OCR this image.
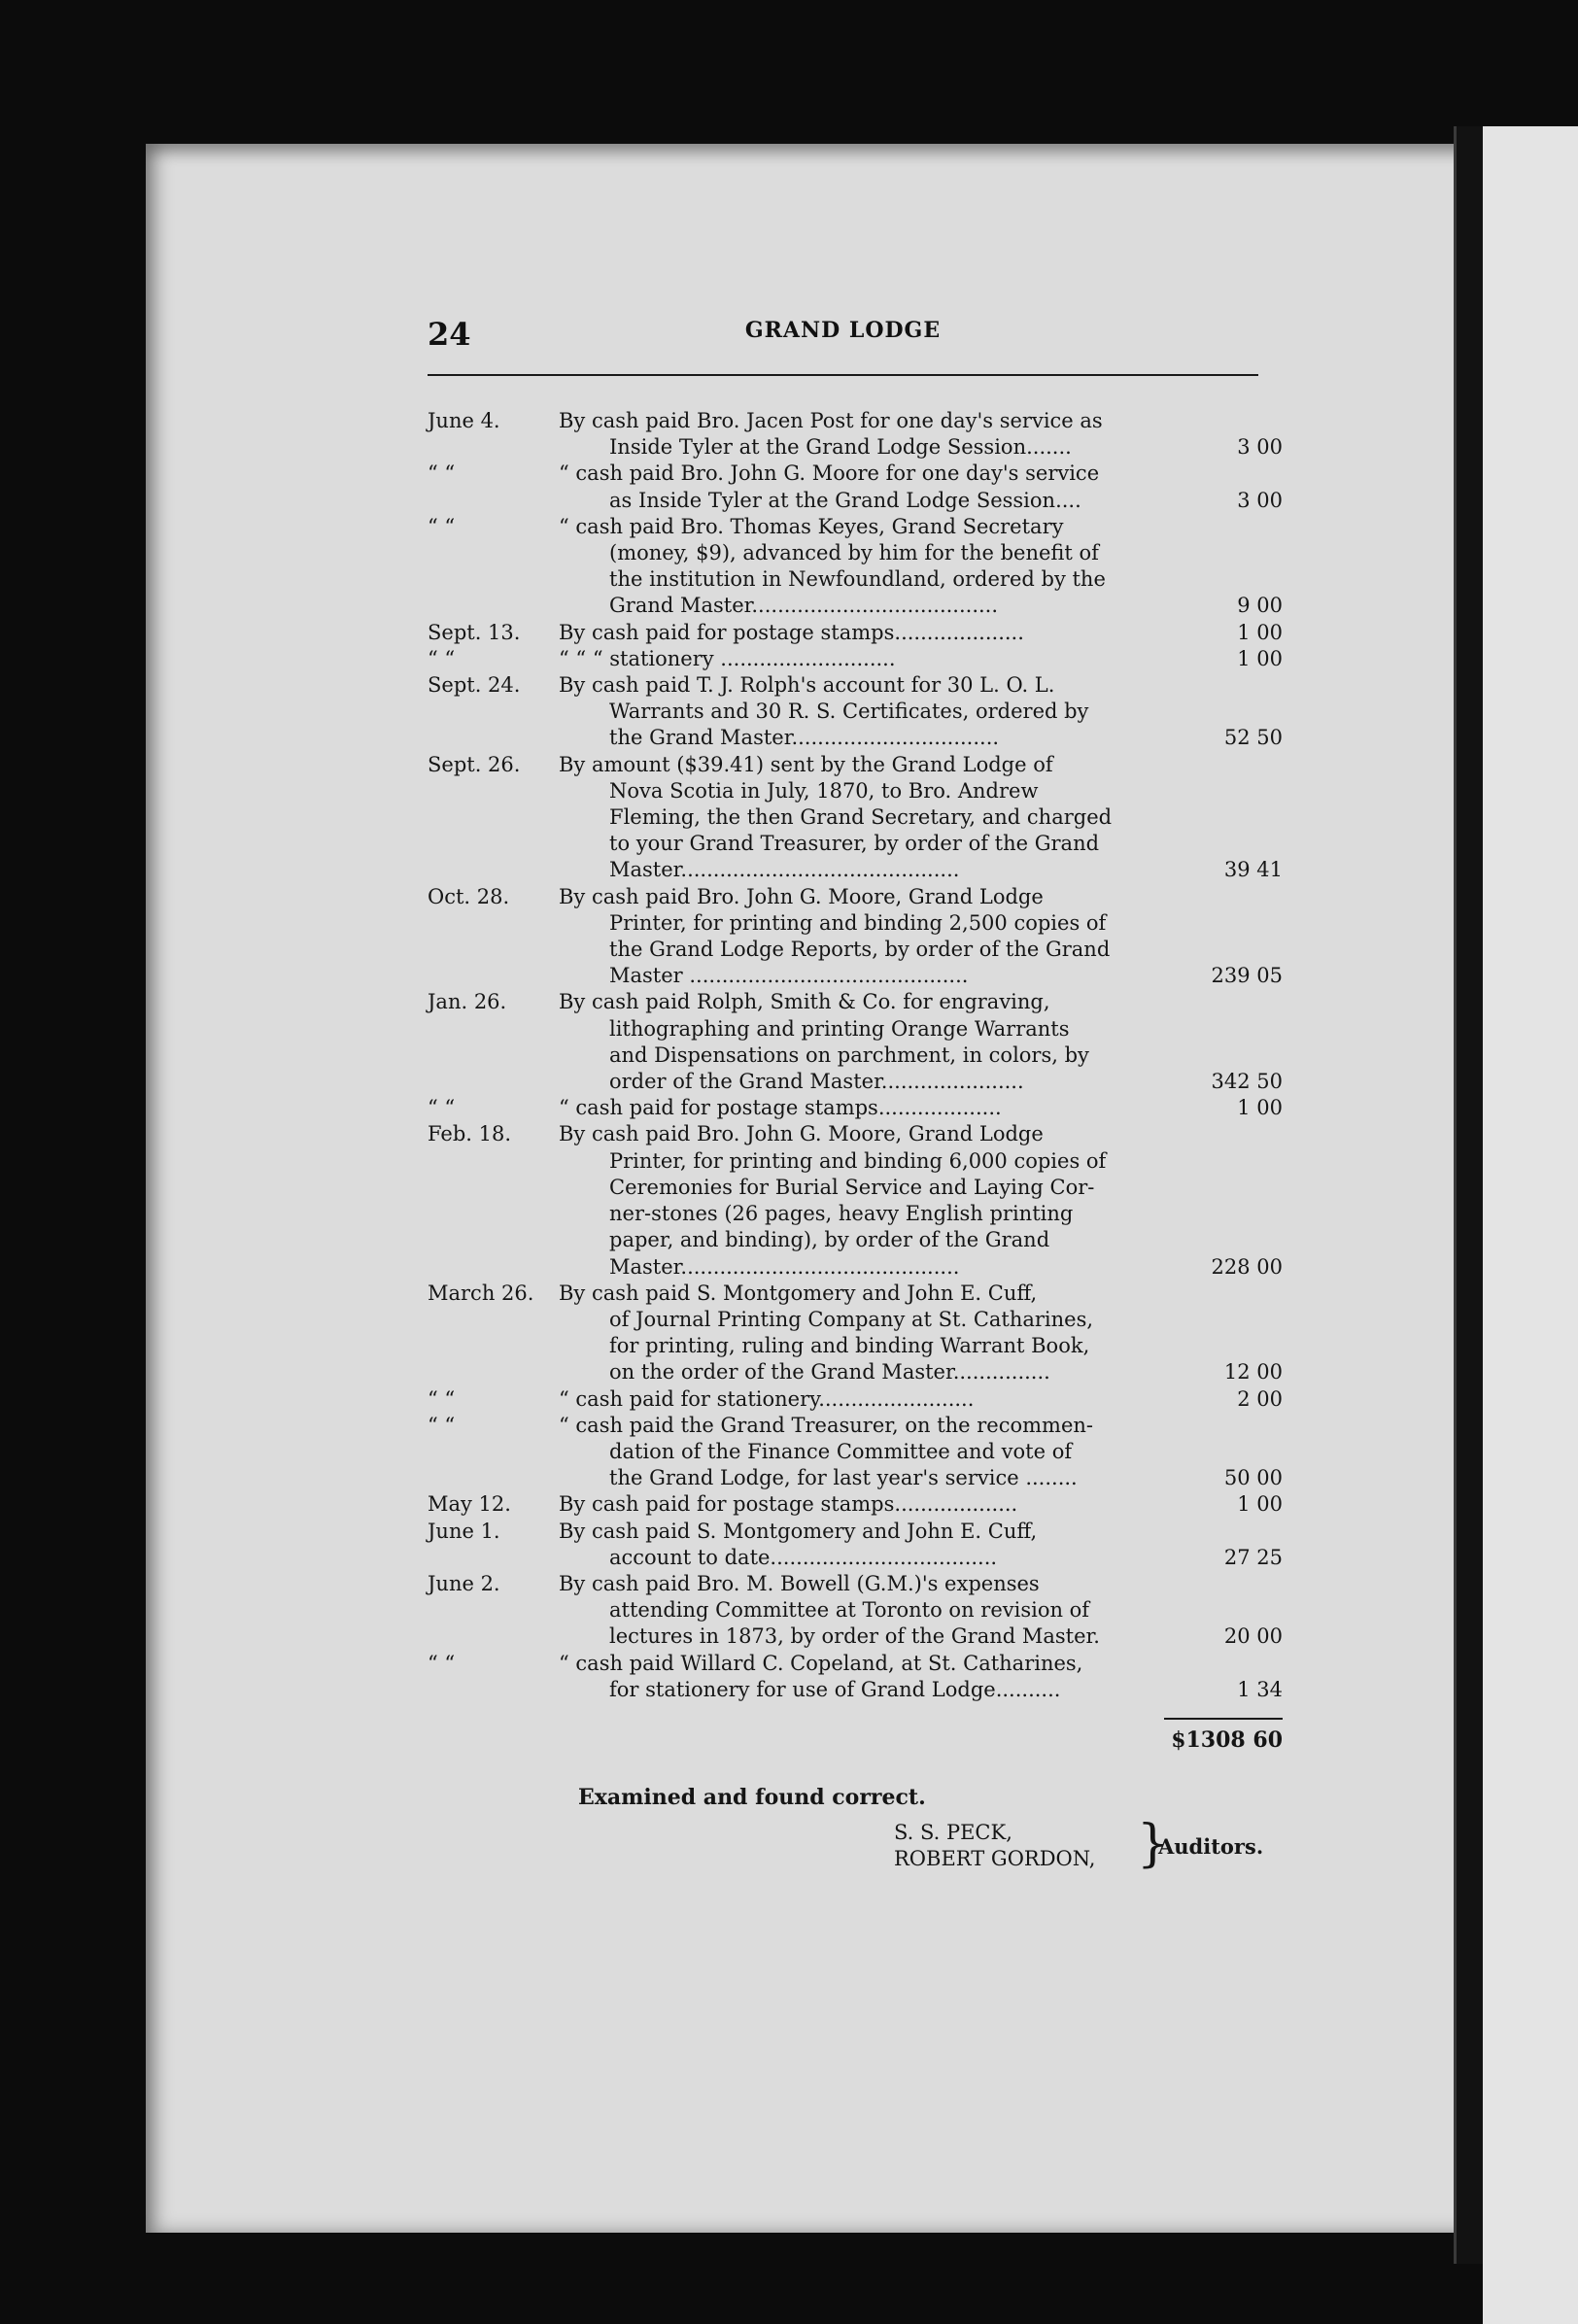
24	GRAND LODGE
June 4.	By cash paid Bro. Jacen Post for one day's service as
Inside Tyler at the Grand Lodge Session.......	3 00
“ “	“ cash paid Bro. John G. Moore for one day's service
as Inside Tyler at the Grand Lodge Session....	3 00
“ “	“ cash paid Bro. Thomas Keyes, Grand Secretary
(money, $9), advanced by him for the benefit of
the institution in Newfoundland, ordered by the
Grand Master......................................	9 00
Sept. 13.	By cash paid for postage stamps....................	1 00
“ “	“ “ “ stationery ...........................	1 00
Sept. 24.	By cash paid T. J. Rolph's account for 30 L. O. L.
Warrants and 30 R. S. Certificates, ordered by
the Grand Master................................	52 50
Sept. 26.	By amount ($39.41) sent by the Grand Lodge of
Nova Scotia in July, 1870, to Bro. Andrew
Fleming, the then Grand Secretary, and charged
to your Grand Treasurer, by order of the Grand
Master...........................................	39 41
Oct. 28.	By cash paid Bro. John G. Moore, Grand Lodge
Printer, for printing and binding 2,500 copies of
the Grand Lodge Reports, by order of the Grand
Master ...........................................	239 05
Jan. 26.	By cash paid Rolph, Smith & Co. for engraving,
lithographing and printing Orange Warrants
and Dispensations on parchment, in colors, by
order of the Grand Master......................	342 50
“ “	“ cash paid for postage stamps...................	1 00
Feb. 18.	By cash paid Bro. John G. Moore, Grand Lodge
Printer, for printing and binding 6,000 copies of
Ceremonies for Burial Service and Laying Cor-
ner-stones (26 pages, heavy English printing
paper, and binding), by order of the Grand
Master...........................................	228 00
March 26.	By cash paid S. Montgomery and John E. Cuff,
of Journal Printing Company at St. Catharines,
for printing, ruling and binding Warrant Book,
on the order of the Grand Master...............	12 00
“ “	“ cash paid for stationery........................	2 00
“ “	“ cash paid the Grand Treasurer, on the recommen-
dation of the Finance Committee and vote of
the Grand Lodge, for last year's service ........	50 00
May 12.	By cash paid for postage stamps...................	1 00
June 1.	By cash paid S. Montgomery and John E. Cuff,
account to date...................................	27 25
June 2.	By cash paid Bro. M. Bowell (G.M.)'s expenses
attending Committee at Toronto on revision of
lectures in 1873, by order of the Grand Master.	20 00
“ “	“ cash paid Willard C. Copeland, at St. Catharines,
for stationery for use of Grand Lodge..........	1 34
$1308 60
Examined and found correct.
S. S. PECK,
ROBERT GORDON, }
Auditors.
